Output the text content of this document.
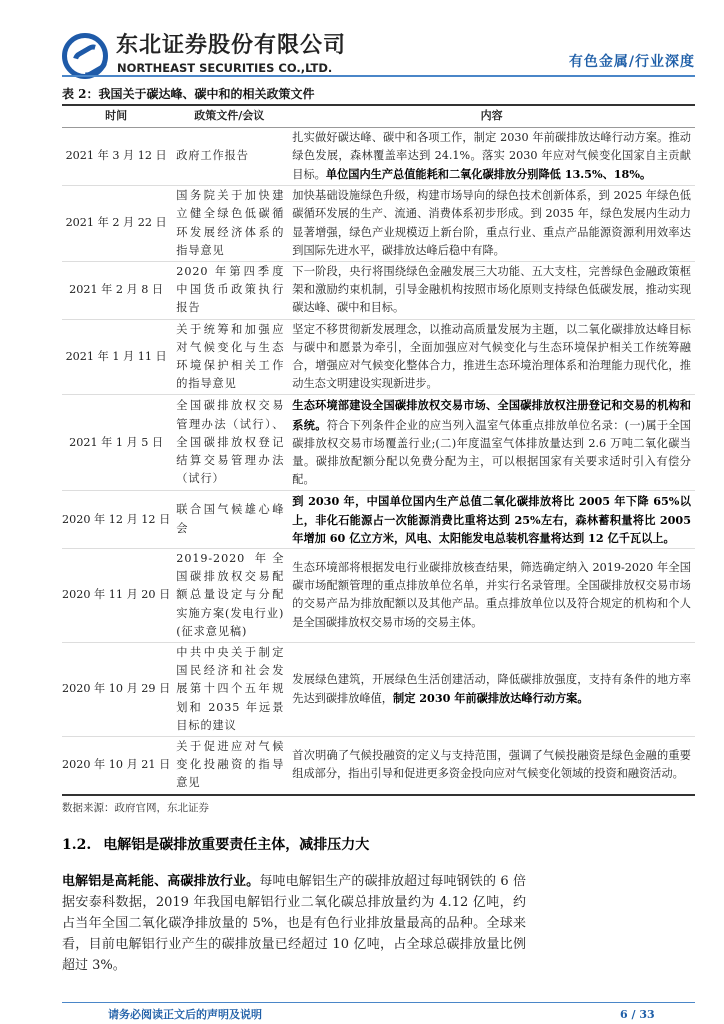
东北证券股份有限公司
NORTHEAST SECURITIES CO.,LTD.	有色金属/行业深度
表 2：我国关于碳达峰、碳中和的相关政策文件
时间	政策文件/会议	内容
2021 年 3 月 12 日	政府工作报告	扎实做好碳达峰、碳中和各项工作，制定 2030 年前碳排放达峰行动方案。推动绿色发展，森林覆盖率达到 24.1%。落实 2030 年应对气候变化国家自主贡献目标。单位国内生产总值能耗和二氧化碳排放分别降低 13.5%、18%。
2021 年 2 月 22 日	国务院关于加快建立健全绿色低碳循环发展经济体系的指导意见	加快基础设施绿色升级，构建市场导向的绿色技术创新体系，到 2025 年绿色低碳循环发展的生产、流通、消费体系初步形成。到 2035 年，绿色发展内生动力显著增强，绿色产业规模迈上新台阶，重点行业、重点产品能源资源利用效率达到国际先进水平，碳排放达峰后稳中有降。
2021 年 2 月 8 日	2020 年第四季度中国货币政策执行报告	下一阶段，央行将围绕绿色金融发展三大功能、五大支柱，完善绿色金融政策框架和激励约束机制，引导金融机构按照市场化原则支持绿色低碳发展，推动实现碳达峰、碳中和目标。
2021 年 1 月 11 日	关于统筹和加强应对气候变化与生态环境保护相关工作的指导意见	坚定不移贯彻新发展理念，以推动高质量发展为主题，以二氧化碳排放达峰目标与碳中和愿景为牵引，全面加强应对气候变化与生态环境保护相关工作统筹融合，增强应对气候变化整体合力，推进生态环境治理体系和治理能力现代化，推动生态文明建设实现新进步。
2021 年 1 月 5 日	全国碳排放权交易管理办法（试行）、全国碳排放权登记结算交易管理办法（试行）	生态环境部建设全国碳排放权交易市场、全国碳排放权注册登记和交易的机构和系统。符合下列条件企业的应当列入温室气体重点排放单位名录：(一)属于全国碳排放权交易市场覆盖行业;(二)年度温室气体排放量达到 2.6 万吨二氧化碳当量。碳排放配额分配以免费分配为主，可以根据国家有关要求适时引入有偿分配。
2020 年 12 月 12 日	联合国气候雄心峰会	到 2030 年，中国单位国内生产总值二氧化碳排放将比 2005 年下降 65%以上，非化石能源占一次能源消费比重将达到 25%左右，森林蓄积量将比 2005 年增加 60 亿立方米，风电、太阳能发电总装机容量将达到 12 亿千瓦以上。
2020 年 11 月 20 日	2019-2020 年全国碳排放权交易配额总量设定与分配实施方案(发电行业)(征求意见稿)	生态环境部将根据发电行业碳排放核查结果，筛选确定纳入 2019-2020 年全国碳市场配额管理的重点排放单位名单，并实行名录管理。全国碳排放权交易市场的交易产品为排放配额以及其他产品。重点排放单位以及符合规定的机构和个人是全国碳排放权交易市场的交易主体。
2020 年 10 月 29 日	中共中央关于制定国民经济和社会发展第十四个五年规划和 2035 年远景目标的建议	发展绿色建筑，开展绿色生活创建活动，降低碳排放强度，支持有条件的地方率先达到碳排放峰值，制定 2030 年前碳排放达峰行动方案。
2020 年 10 月 21 日	关于促进应对气候变化投融资的指导意见	首次明确了气候投融资的定义与支持范围，强调了气候投融资是绿色金融的重要组成部分，指出引导和促进更多资金投向应对气候变化领域的投资和融资活动。
数据来源：政府官网，东北证券
1.2. 电解铝是碳排放重要责任主体，减排压力大
电解铝是高耗能、高碳排放行业。每吨电解铝生产的碳排放超过每吨钢铁的 6 倍据安泰科数据，2019 年我国电解铝行业二氧化碳总排放量约为 4.12 亿吨，约占当年全国二氧化碳净排放量的 5%，也是有色行业排放量最高的品种。全球来看，目前电解铝行业产生的碳排放量已经超过 10 亿吨，占全球总碳排放量比例超过 3%。
请务必阅读正文后的声明及说明	6 / 33
